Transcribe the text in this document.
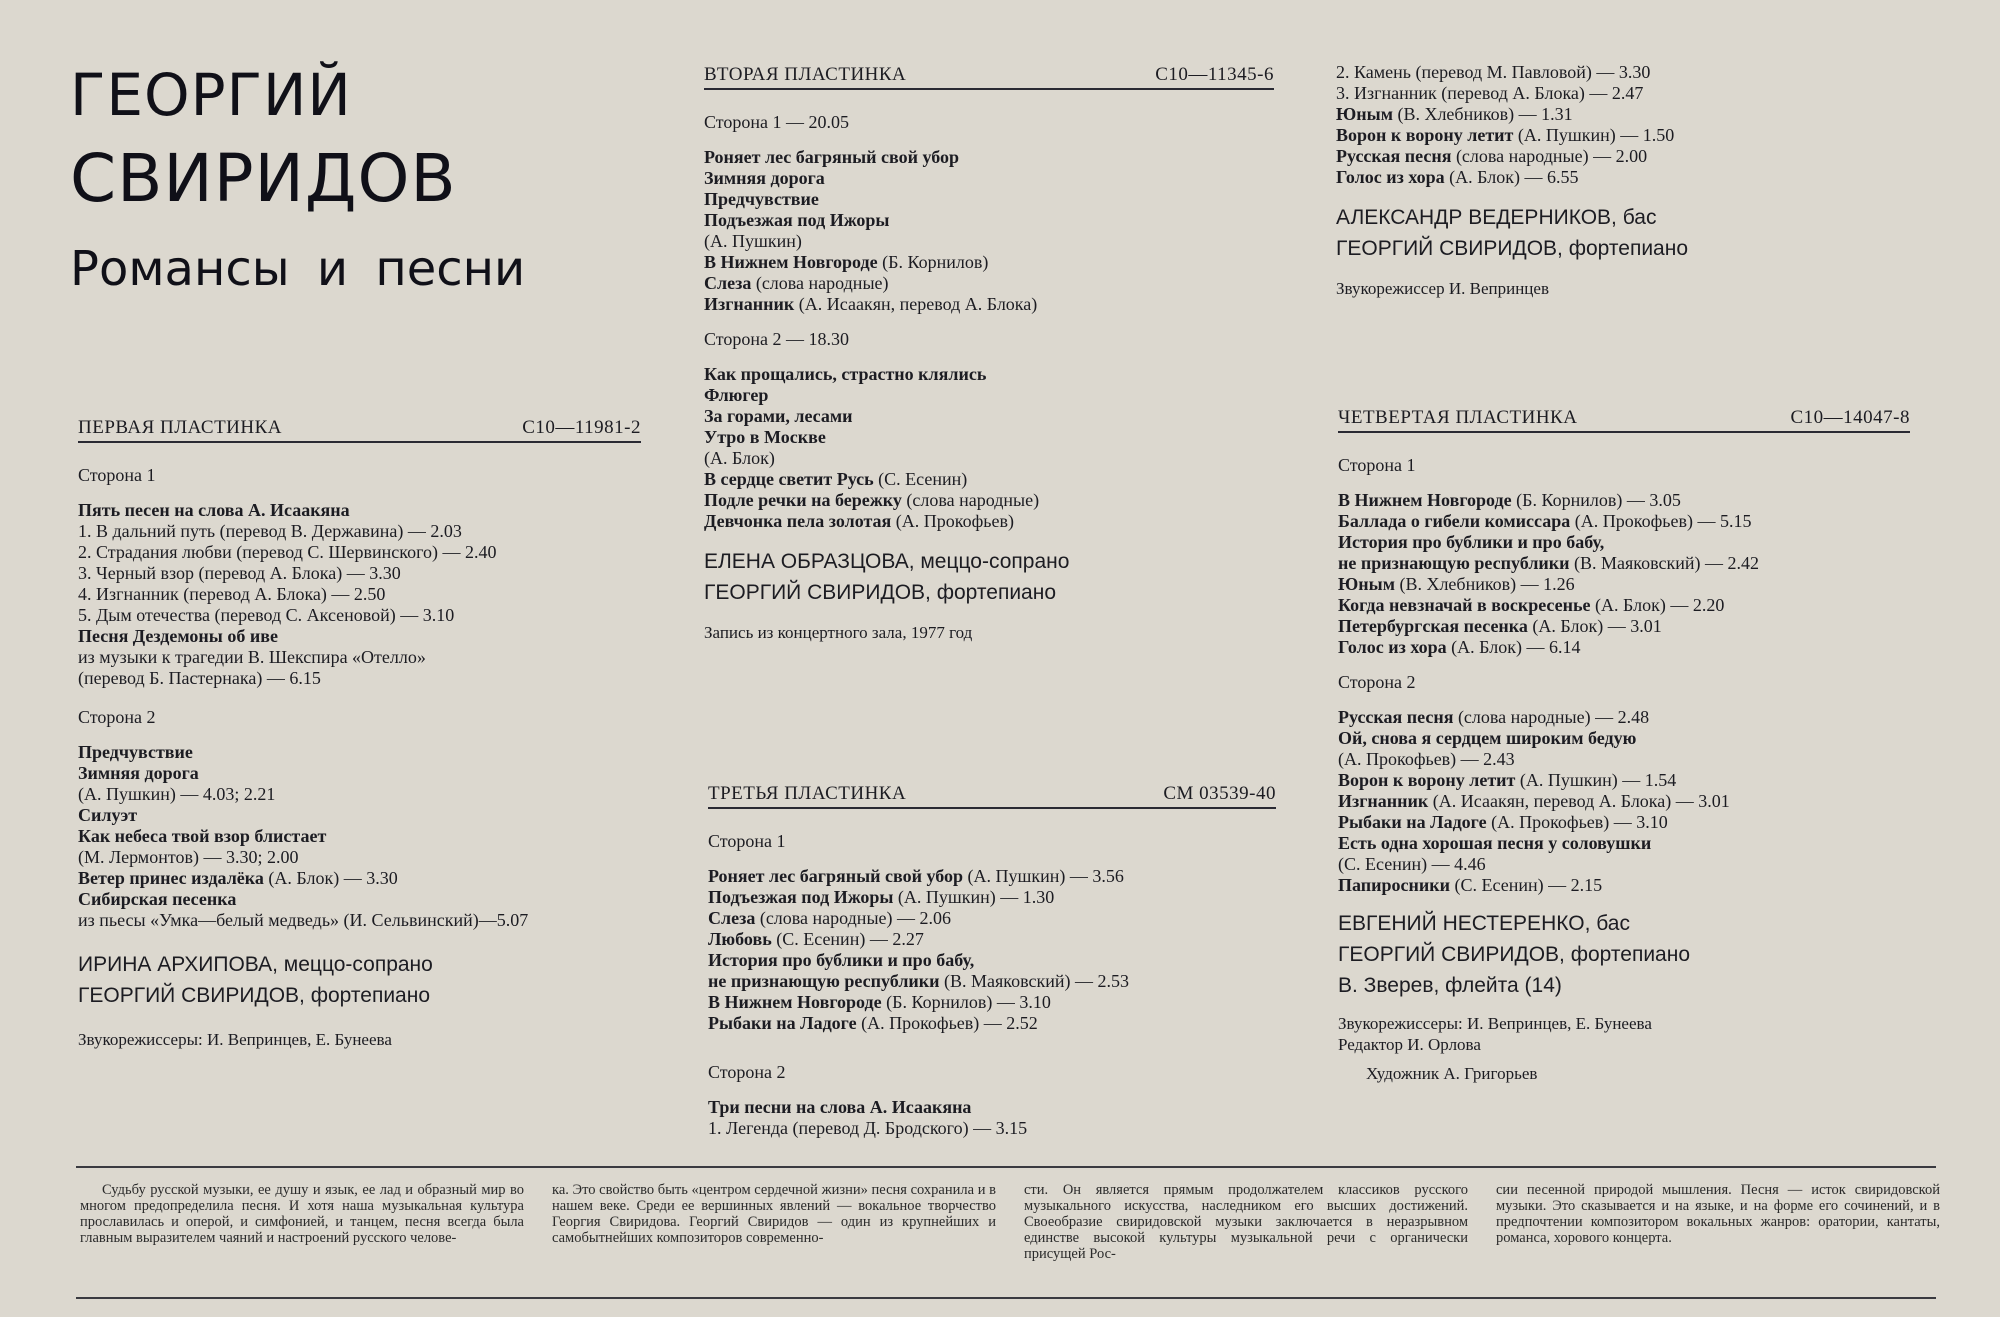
ГЕОРГИЙ
СВИРИДОВ
Романсы и песни
ПЕРВАЯ ПЛАСТИНКА	С10—11981-2
Сторона 1
Пять песен на слова А. Исаакяна
1. В дальний путь (перевод В. Державина) — 2.03
2. Страдания любви (перевод С. Шервинского) — 2.40
3. Черный взор (перевод А. Блока) — 3.30
4. Изгнанник (перевод А. Блока) — 2.50
5. Дым отечества (перевод С. Аксеновой) — 3.10
Песня Дездемоны об иве
из музыки к трагедии В. Шекспира «Отелло»
(перевод Б. Пастернака) — 6.15
Сторона 2
Предчувствие
Зимняя дорога
(А. Пушкин) — 4.03; 2.21
Силуэт
Как небеса твой взор блистает
(М. Лермонтов) — 3.30; 2.00
Ветер принес издалёка (А. Блок) — 3.30
Сибирская песенка
из пьесы «Умка—белый медведь» (И. Сельвинский)—5.07
ИРИНА АРХИПОВА, меццо-сопрано
ГЕОРГИЙ СВИРИДОВ, фортепиано
Звукорежиссеры: И. Вепринцев, Е. Бунеева
ВТОРАЯ ПЛАСТИНКА	С10—11345-6
Сторона 1 — 20.05
Роняет лес багряный свой убор
Зимняя дорога
Предчувствие
Подъезжая под Ижоры
(А. Пушкин)
В Нижнем Новгороде (Б. Корнилов)
Слеза (слова народные)
Изгнанник (А. Исаакян, перевод А. Блока)
Сторона 2 — 18.30
Как прощались, страстно клялись
Флюгер
За горами, лесами
Утро в Москве
(А. Блок)
В сердце светит Русь (С. Есенин)
Подле речки на бережку (слова народные)
Девчонка пела золотая (А. Прокофьев)
ЕЛЕНА ОБРАЗЦОВА, меццо-сопрано
ГЕОРГИЙ СВИРИДОВ, фортепиано
Запись из концертного зала, 1977 год
ТРЕТЬЯ ПЛАСТИНКА	СМ 03539-40
Сторона 1
Роняет лес багряный свой убор (А. Пушкин) — 3.56
Подъезжая под Ижоры (А. Пушкин) — 1.30
Слеза (слова народные) — 2.06
Любовь (С. Есенин) — 2.27
История про бублики и про бабу,
не признающую республики (В. Маяковский) — 2.53
В Нижнем Новгороде (Б. Корнилов) — 3.10
Рыбаки на Ладоге (А. Прокофьев) — 2.52
Сторона 2
Три песни на слова А. Исаакяна
1. Легенда (перевод Д. Бродского) — 3.15
2. Камень (перевод М. Павловой) — 3.30
3. Изгнанник (перевод А. Блока) — 2.47
Юным (В. Хлебников) — 1.31
Ворон к ворону летит (А. Пушкин) — 1.50
Русская песня (слова народные) — 2.00
Голос из хора (А. Блок) — 6.55
АЛЕКСАНДР ВЕДЕРНИКОВ, бас
ГЕОРГИЙ СВИРИДОВ, фортепиано
Звукорежиссер И. Вепринцев
ЧЕТВЕРТАЯ ПЛАСТИНКА	С10—14047-8
Сторона 1
В Нижнем Новгороде (Б. Корнилов) — 3.05
Баллада о гибели комиссара (А. Прокофьев) — 5.15
История про бублики и про бабу,
не признающую республики (В. Маяковский) — 2.42
Юным (В. Хлебников) — 1.26
Когда невзначай в воскресенье (А. Блок) — 2.20
Петербургская песенка (А. Блок) — 3.01
Голос из хора (А. Блок) — 6.14
Сторона 2
Русская песня (слова народные) — 2.48
Ой, снова я сердцем широким бедую
(А. Прокофьев) — 2.43
Ворон к ворону летит (А. Пушкин) — 1.54
Изгнанник (А. Исаакян, перевод А. Блока) — 3.01
Рыбаки на Ладоге (А. Прокофьев) — 3.10
Есть одна хорошая песня у соловушки
(С. Есенин) — 4.46
Папиросники (С. Есенин) — 2.15
ЕВГЕНИЙ НЕСТЕРЕНКО, бас
ГЕОРГИЙ СВИРИДОВ, фортепиано
В. Зверев, флейта (14)
Звукорежиссеры: И. Вепринцев, Е. Бунеева
Редактор И. Орлова
Художник А. Григорьев

Судьбу русской музыки, ее душу и язык, ее лад и образный мир во многом предопределила песня. И хотя наша музыкальная культура прославилась и оперой, и симфонией, и танцем, песня всегда была главным выразителем чаяний и настроений русского челове-

ка. Это свойство быть «центром сердечной жизни» песня сохранила и в нашем веке. Среди ее вершинных явлений — вокальное творчество Георгия Свиридова. Георгий Свиридов — один из крупнейших и самобытнейших композиторов современно-

сти. Он является прямым продолжателем классиков русского музыкального искусства, наследником его высших достижений. Своеобразие свиридовской музыки заключается в неразрывном единстве высокой культуры музыкальной речи с органически присущей Рос-

сии песенной природой мышления. Песня — исток свиридовской музыки. Это сказывается и на языке, и на форме его сочинений, и в предпочтении композитором вокальных жанров: оратории, кантаты, романса, хорового концерта.
